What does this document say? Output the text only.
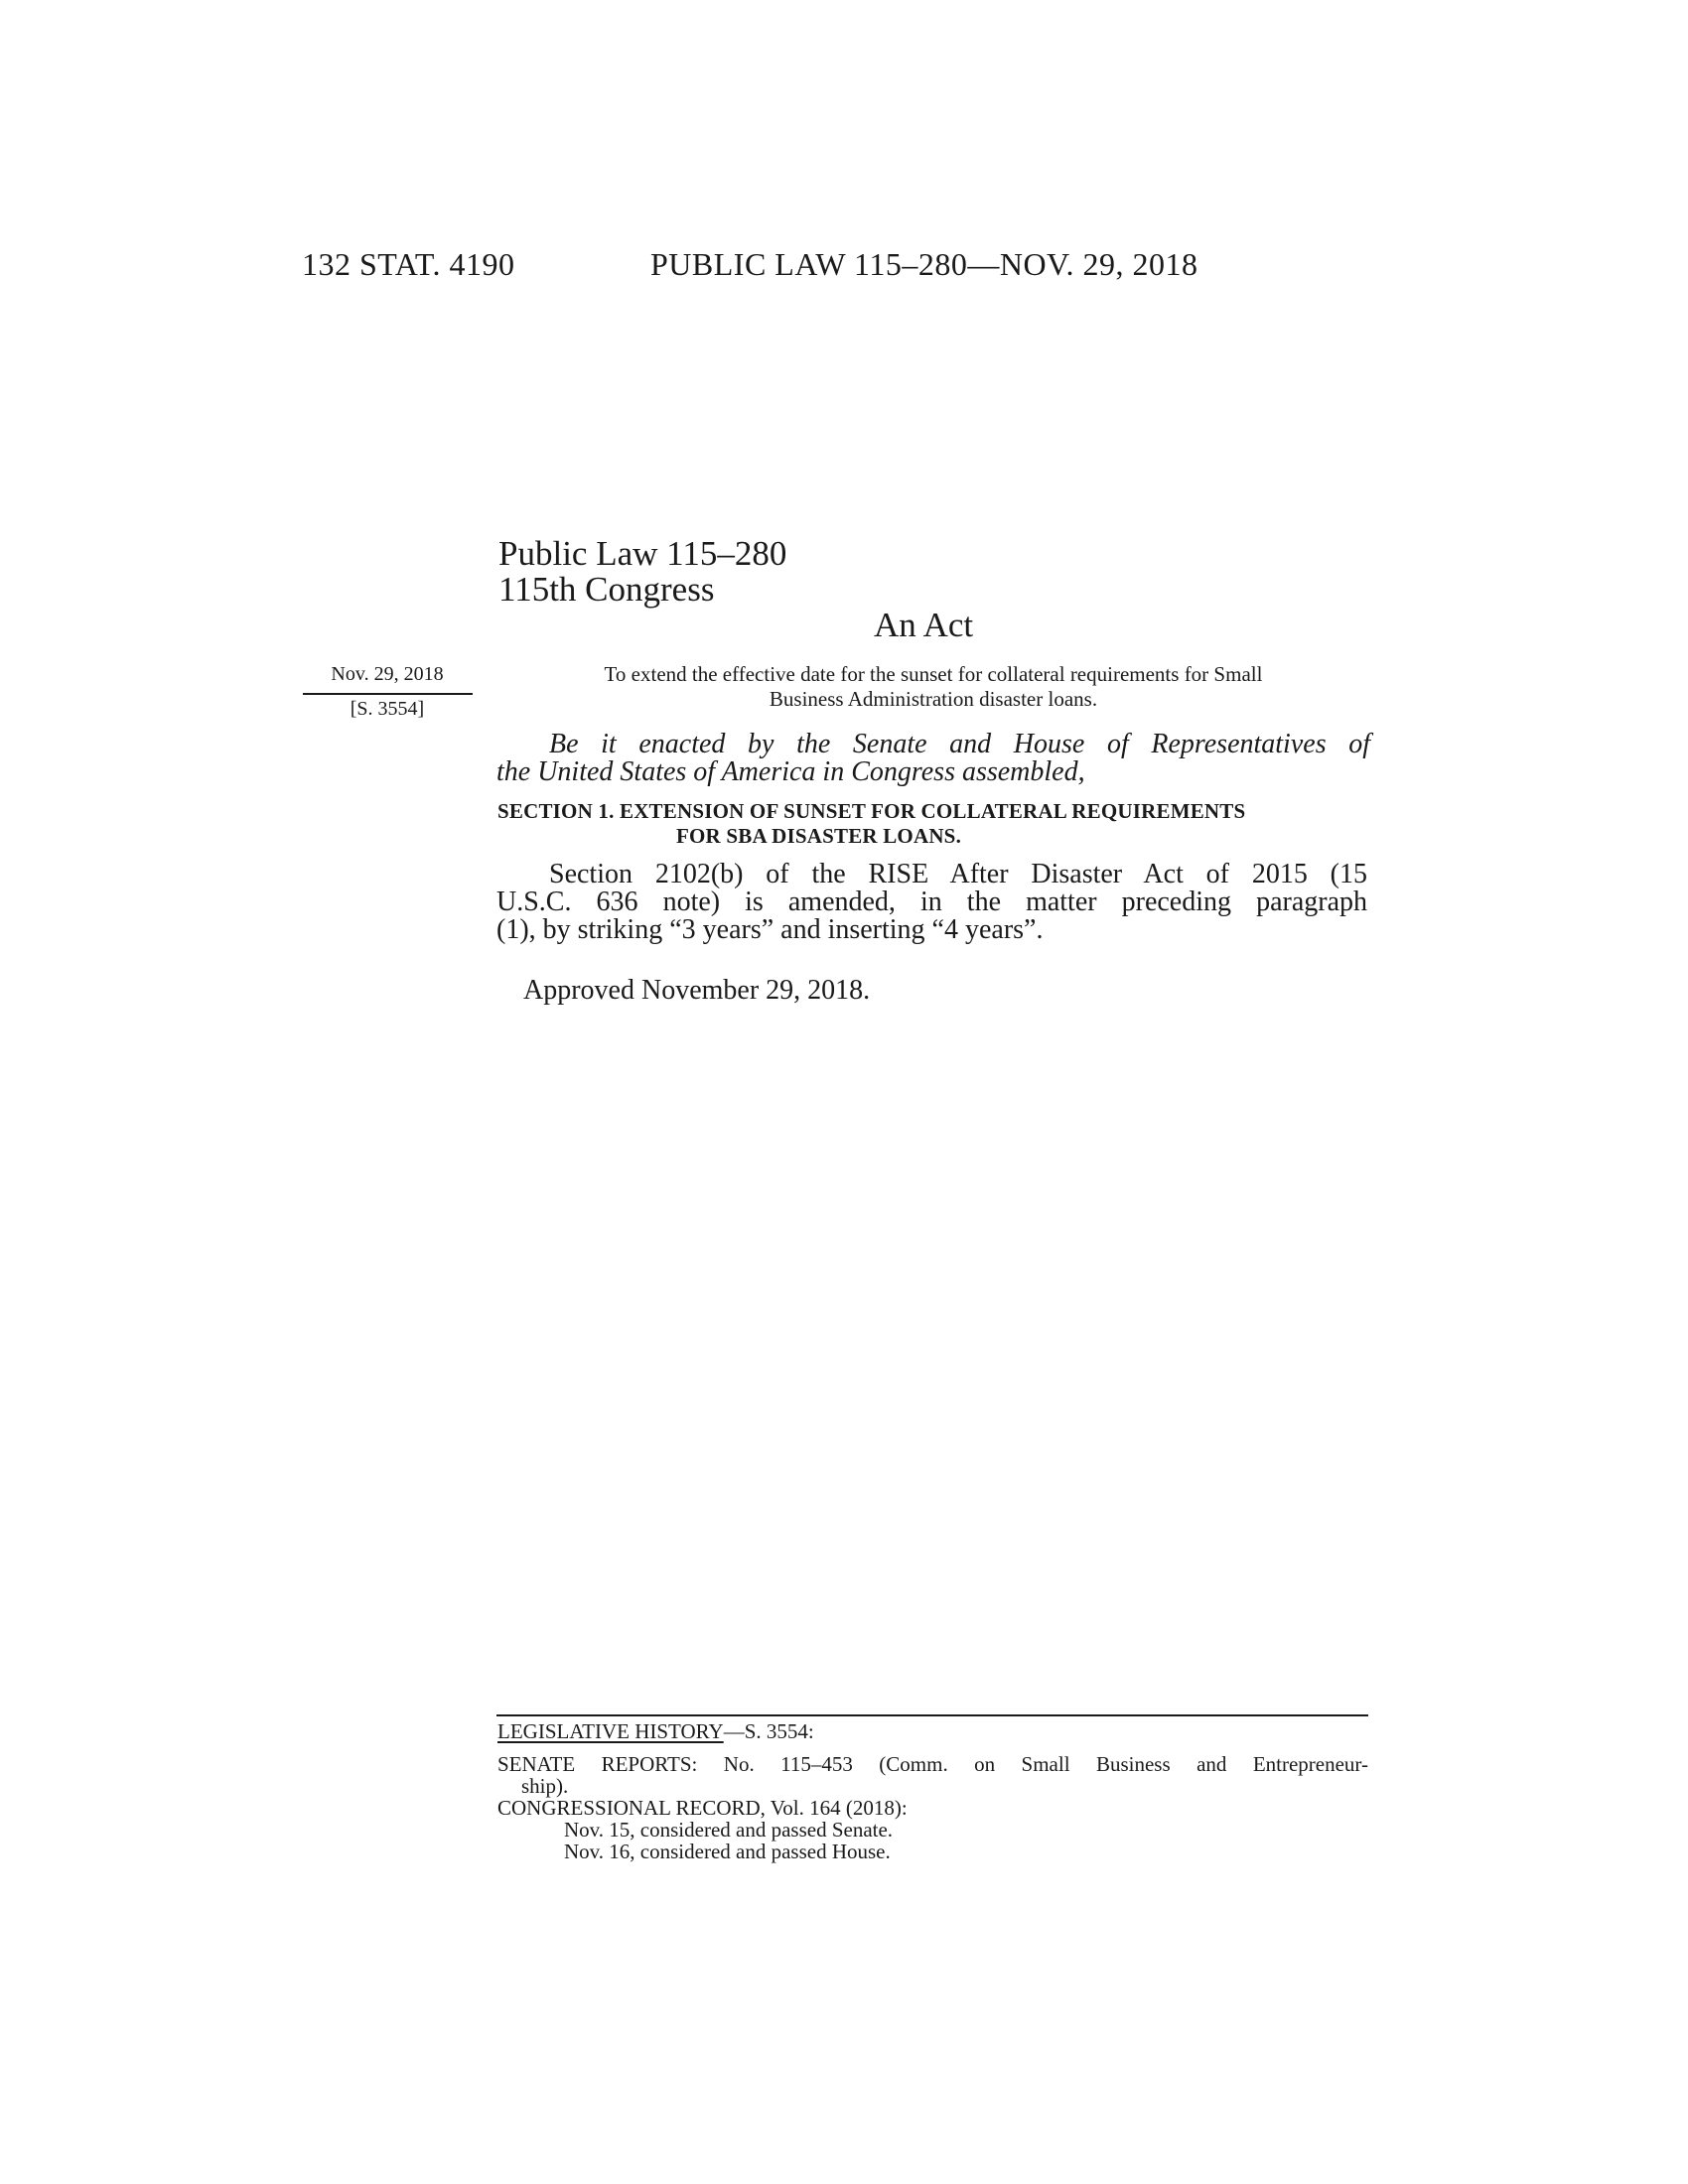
132 STAT. 4190	PUBLIC LAW 115–280—NOV. 29, 2018
Public Law 115–280
115th Congress
An Act
Nov. 29, 2018
[S. 3554]
To extend the effective date for the sunset for collateral requirements for Small
Business Administration disaster loans.
Be it enacted by the Senate and House of Representatives of
the United States of America in Congress assembled,
SECTION 1. EXTENSION OF SUNSET FOR COLLATERAL REQUIREMENTS
FOR SBA DISASTER LOANS.
Section 2102(b) of the RISE After Disaster Act of 2015 (15
U.S.C. 636 note) is amended, in the matter preceding paragraph
(1), by striking “3 years” and inserting “4 years”.
Approved November 29, 2018.
LEGISLATIVE HISTORY—S. 3554:
SENATE REPORTS: No. 115–453 (Comm. on Small Business and Entrepreneur-
ship).
CONGRESSIONAL RECORD, Vol. 164 (2018):
Nov. 15, considered and passed Senate.
Nov. 16, considered and passed House.
